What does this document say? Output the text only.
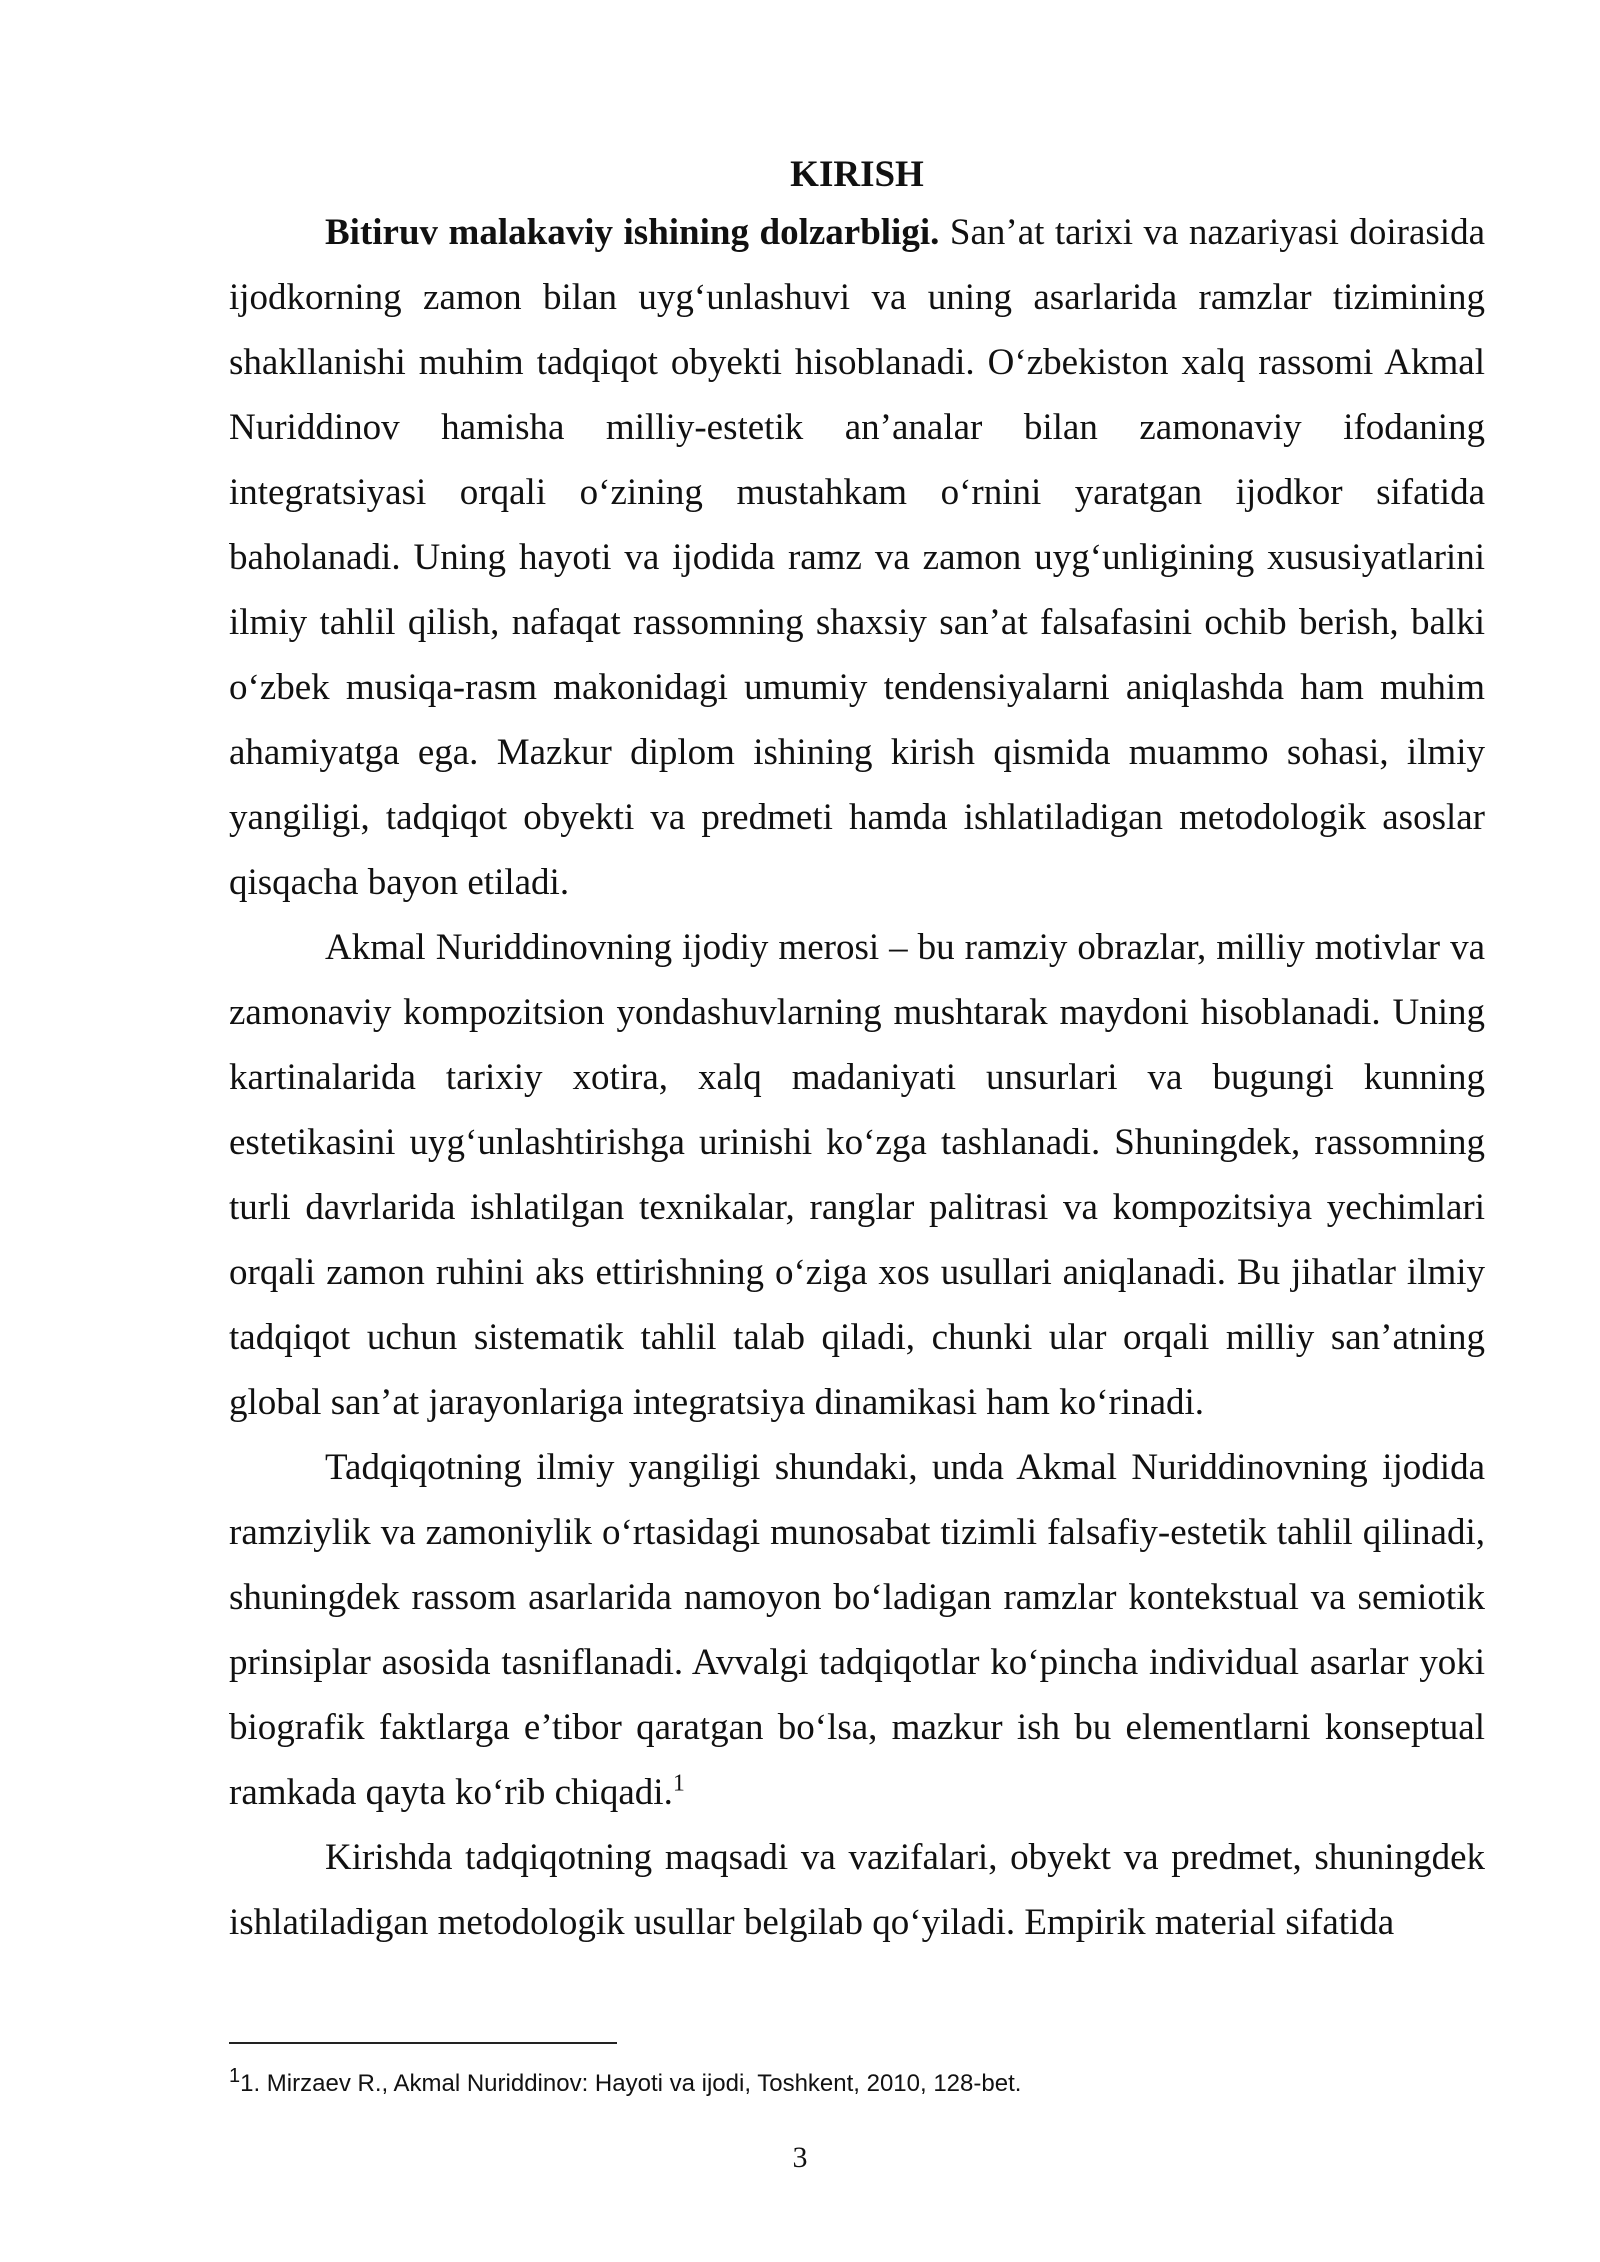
KIRISH

Bitiruv malakaviy ishining dolzarbligi. San’at tarixi va nazariyasi doirasida ijodkorning zamon bilan uyg‘unlashuvi va uning asarlarida ramzlar tizimining shakllanishi muhim tadqiqot obyekti hisoblanadi. O‘zbekiston xalq rassomi Akmal Nuriddinov hamisha milliy-estetik an’analar bilan zamonaviy ifodaning integratsiyasi orqali o‘zining mustahkam o‘rnini yaratgan ijodkor sifatida baholanadi. Uning hayoti va ijodida ramz va zamon uyg‘unligining xususiyatlarini ilmiy tahlil qilish, nafaqat rassomning shaxsiy san’at falsafasini ochib berish, balki o‘zbek musiqa-rasm makonidagi umumiy tendensiyalarni aniqlashda ham muhim ahamiyatga ega. Mazkur diplom ishining kirish qismida muammo sohasi, ilmiy yangiligi, tadqiqot obyekti va predmeti hamda ishlatiladigan metodologik asoslar qisqacha bayon etiladi.

Akmal Nuriddinovning ijodiy merosi – bu ramziy obrazlar, milliy motivlar va zamonaviy kompozitsion yondashuvlarning mushtarak maydoni hisoblanadi. Uning kartinalarida tarixiy xotira, xalq madaniyati unsurlari va bugungi kunning estetikasini uyg‘unlashtirishga urinishi ko‘zga tashlanadi. Shuningdek, rassomning turli davrlarida ishlatilgan texnikalar, ranglar palitrasi va kompozitsiya yechimlari orqali zamon ruhini aks ettirishning o‘ziga xos usullari aniqlanadi. Bu jihatlar ilmiy tadqiqot uchun sistematik tahlil talab qiladi, chunki ular orqali milliy san’atning global san’at jarayonlariga integratsiya dinamikasi ham ko‘rinadi.

Tadqiqotning ilmiy yangiligi shundaki, unda Akmal Nuriddinovning ijodida ramziylik va zamoniylik o‘rtasidagi munosabat tizimli falsafiy-estetik tahlil qilinadi, shuningdek rassom asarlarida namoyon bo‘ladigan ramzlar kontekstual va semiotik prinsiplar asosida tasniflanadi. Avvalgi tadqiqotlar ko‘pincha individual asarlar yoki biografik faktlarga e’tibor qaratgan bo‘lsa, mazkur ish bu elementlarni konseptual ramkada qayta ko‘rib chiqadi.$^1$

Kirishda tadqiqotning maqsadi va vazifalari, obyekt va predmet, shuningdek ishlatiladigan metodologik usullar belgilab qo‘yiladi. Empirik material sifatida

$^1$1. Mirzaev R., Akmal Nuriddinov: Hayoti va ijodi, Toshkent, 2010, 128-bet.
3
